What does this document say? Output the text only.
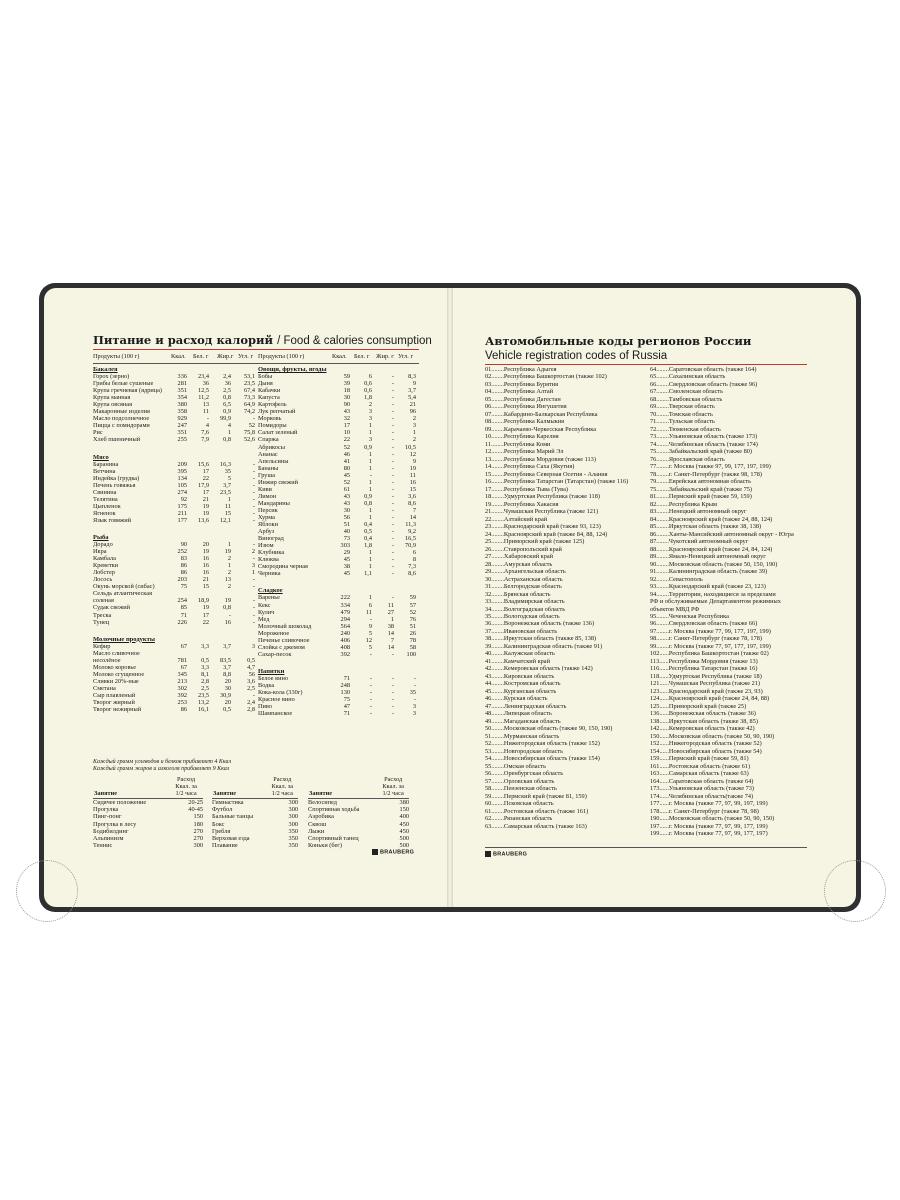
Питание и расход калорий / Food & calories consumption
Продукты (100 г)	Ккал. Бел. г Жир.г Угл. г Продукты (100 г)	Ккал. Бел. г Жир. г Угл. г
Бакалея				
Горох (зерно)	336	23,4	2,4	53,1
Грибы белые сушеные	281	36	36	23,5
Крупа гречневая (ядрица)	351	12,5	2,5	67,4
Крупа манная	354	11,2	0,8	73,3
Крупа овсяная	380	13	6,5	64,9
Макаронные изделия	358	11	0,9	74,2
Масло подсолнечное	929	-	99,9	-
Пицца с помидорами	247	4	4	52
Рис	351	7,6	1	75,8
Хлеб пшеничный	255	7,9	0,8	52,6

Мясо				
Баранина	209	15,6	16,3	-
Ветчина	395	17	35	-
Индейка (грудка)	134	22	5	-
Печень говяжья	105	17,9	3,7	-
Свинина	274	17	23,5	-
Телятина	92	21	1	-
Цыпленок	175	19	11	-
Ягненок	211	19	15	-
Язык говяжий	177	13,6	12,1	-

Рыба				
Дорадо	90	20	1	-
Икра	252	19	19	2
Камбала	83	16	2	-
Креветки	86	16	1	3
Лобстер	86	16	2	1
Лосось	203	21	13	-
Окунь морской (сибас)	75	15	2	-
Сельдь атлантическая соленая	254	18,9	19	-
Судак свежий	85	19	0,8	-
Треска	71	17	-	-
Тунец	226	22	16	-

Молочные продукты				
Кефир	67	3,3	3,7	3
Масло сливочное несолёное	781	0,5	83,5	0,5
Молоко коровье	67	3,3	3,7	4,7
Молоко сгущенное	345	8,1	8,8	56
Сливки 20%-ные	213	2,8	20	3,6
Сметана	302	2,5	30	2,5
Сыр плавленый	392	23,5	30,9	-
Творог жирный	253	13,2	20	2,4
Творог нежирный	86	16,1	0,5	2,8
Овощи, фрукты, ягоды				
Бобы	59	6	-	8,3
Дыня	39	0,6	-	9
Кабачки	18	0,6	-	3,7
Капуста	30	1,8	-	5,4
Картофель	90	2	-	21
Лук репчатый	43	3	-	96
Морковь	32	3	-	2
Помидоры	17	1	-	3
Салат зеленый	10	1	-	1
Спаржа	22	3	-	2
Абрикосы	52	0,9	-	10,5
Ананас	46	1	-	12
Апельсины	41	1	-	9
Бананы	80	1	-	19
Груша	45	-	-	11
Инжир свежий	52	1	-	16
Киви	61	1	-	15
Лимон	43	0,9	-	3,6
Мандарины	43	0,8	-	8,6
Персик	30	1	-	7
Хурма	56	1	-	14
Яблоки	51	0,4	-	11,3
Арбуз	40	0,5	-	9,2
Виноград	73	0,4	-	16,5
Изюм	303	1,8	-	70,9
Клубника	29	1	-	6
Клюква	45	1	-	8
Смородина черная	38	1	-	7,3
Черника	45	1,1	-	8,6

Сладкое				
Варенье	222	1	-	59
Кекс	334	6	11	57
Кулич	479	11	27	52
Мед	294	-	1	76
Молочный шоколад	564	9	38	51
Мороженое	240	5	14	26
Печенье сливочное	406	12	7	78
Слойка с джемом	408	5	14	58
Сахар-песок	392	-	-	100

Напитки				
Белое вино	71	-	-	-
Водка	248	-	-	-
Кока-кола (330г)	130	-	-	35
Красное вино	75	-	-	-
Пиво	47	-	-	3
Шампанское	71	-	-	3
Каждый грамм углеводов и белков прибавляет 4 Ккал
Каждый грамм жиров и алкоголя прибавляет 9 Ккал
Занятие	Расход
Ккал. за
1/2 часа

Сидячее положение	20-25
Прогулка	40-45
Пинг-понг	150
Прогулка в лесу	180
Бодибилдинг	270
Альпинизм	270
Теннис	300
Занятие	Расход
Ккал. за
1/2 часа

Гимнастика	300
Футбол	300
Бальные танцы	300
Бокс	300
Гребля	350
Верховая езда	350
Плавание	350
Занятие	Расход
Ккал. за
1/2 часа

Велосипед	380
Спортивная ходьба	150
Аэробика	400
Сквош	450
Лыжи	450
Спортивный танец	500
Коньки (бег)	500
BRAUBERG
Автомобильные коды регионов России
Vehicle registration codes of Russia
01........Республика Адыгея
02........Республика Башкортостан (также 102)
03........Республика Бурятия
04........Республика Алтай
05........Республика Дагестан
06........Республика Ингушетия
07........Кабардино-Балкарская Республика
08........Республика Калмыкия
09........Карачаево-Черкесская Республика
10........Республика Карелия
11........Республика Коми
12........Республика Марий Эл
13........Республика Мордовия (также 113)
14........Республика Саха (Якутия)
15........Республика Северная Осетия - Алания
16........Республика Татарстан (Татарстан) (также 116)
17........Республика Тыва (Тува)
18........Удмуртская Республика (также 118)
19........Республика Хакасия
21........Чувашская Республика (также 121)
22........Алтайский край
23........Краснодарский край (также 93, 123)
24........Красноярский край (также 84, 88, 124)
25........Приморский край (также 125)
26........Ставропольский край
27........Хабаровский край
28........Амурская область
29........Архангельская область
30........Астраханская область
31........Белгородская область
32........Брянская область
33........Владимирская область
34........Волгоградская область
35........Вологодская область
36........Воронежская область (также 136)
37........Ивановская область
38........Иркутская область (также 85, 138)
39........Калининградская область (также 91)
40........Калужская область
41........Камчатский край
42........Кемеровская область (также 142)
43........Кировская область
44........Костромская область
45........Курганская область
46........Курская область
47........Ленинградская область
48........Липецкая область
49........Магаданская область
50........Московская область (также 90, 150, 190)
51........Мурманская область
52........Нижегородская область (также 152)
53........Новгородская область
54........Новосибирская область (также 154)
55........Омская область
56........Оренбургская область
57........Орловская область
58........Пензенская область
59........Пермский край (также 81, 159)
60........Псковская область
61........Ростовская область (также 161)
62........Рязанская область
63........Самарская область (также 163)
64........Саратовская область (также 164)
65........Сахалинская область
66........Свердловская область (также 96)
67........Смоленская область
68........Тамбовская область
69........Тверская область
70........Томская область
71........Тульская область
72........Тюменская область
73........Ульяновская область (также 173)
74........Челябинская область (также 174)
75........Забайкальский край (также 80)
76........Ярославская область
77........г. Москва (также 97, 99, 177, 197, 199)
78........г. Санкт-Петербург (также 98, 178)
79........Еврейская автономная область
75........Забайкальский край (также 75)
81........Пермский край (также 59, 159)
82........Республика Крым
83........Ненецкий автономный округ
84........Красноярский край (также 24, 88, 124)
85........Иркутская область (также 38, 138)
86........Ханты-Мансийский автономный округ - Югра
87........Чукотский автономный округ
88........Красноярский край (также 24, 84, 124)
89........Ямало-Ненецкий автономный округ
90........Московская область (также 50, 150, 190)
91........Калининградская область (также 39)
92........Севастополь
93........Краснодарский край (также 23, 123)
94........Территории, находящиеся за пределами
РФ и обслуживаемые Департаментом режимных
объектов МВД РФ
95........Чеченская Республика
96........Свердловская область (также 66)
97........г. Москва (также 77, 99, 177, 197, 199)
98........г. Санкт-Петербург (также 78, 178)
99........г. Москва (также 77, 97, 177, 197, 199)
102......Республика Башкортостан (также 02)
113......Республика Мордовия (также 13)
116......Республика Татарстан (также 16)
118......Удмуртская Республика (также 18)
121......Чувашская Республика (также 21)
123......Краснодарский край (также 23, 93)
124......Красноярский край (также 24, 84, 88)
125......Приморский край (также 25)
136......Воронежская область (также 36)
138......Иркутская область (также 38, 85)
142......Кемеровская область (также 42)
150......Московская область (также 50, 90, 190)
152......Нижегородская область (также 52)
154......Новосибирская область (также 54)
159......Пермский край (также 59, 81)
161......Ростовская область (также 61)
163......Самарская область (также 63)
164......Саратовская область (также 64)
173......Ульяновская область (также 73)
174......Челябинская область(также 74)
177......г. Москва (также 77, 97, 99, 197, 199)
178......г. Санкт-Петербург (также 78, 98)
190......Московская область (также 50, 90, 150)
197......г. Москва (также 77, 97, 99, 177, 199)
199......г. Москва (также 77, 97, 99, 177, 197)
BRAUBERG
